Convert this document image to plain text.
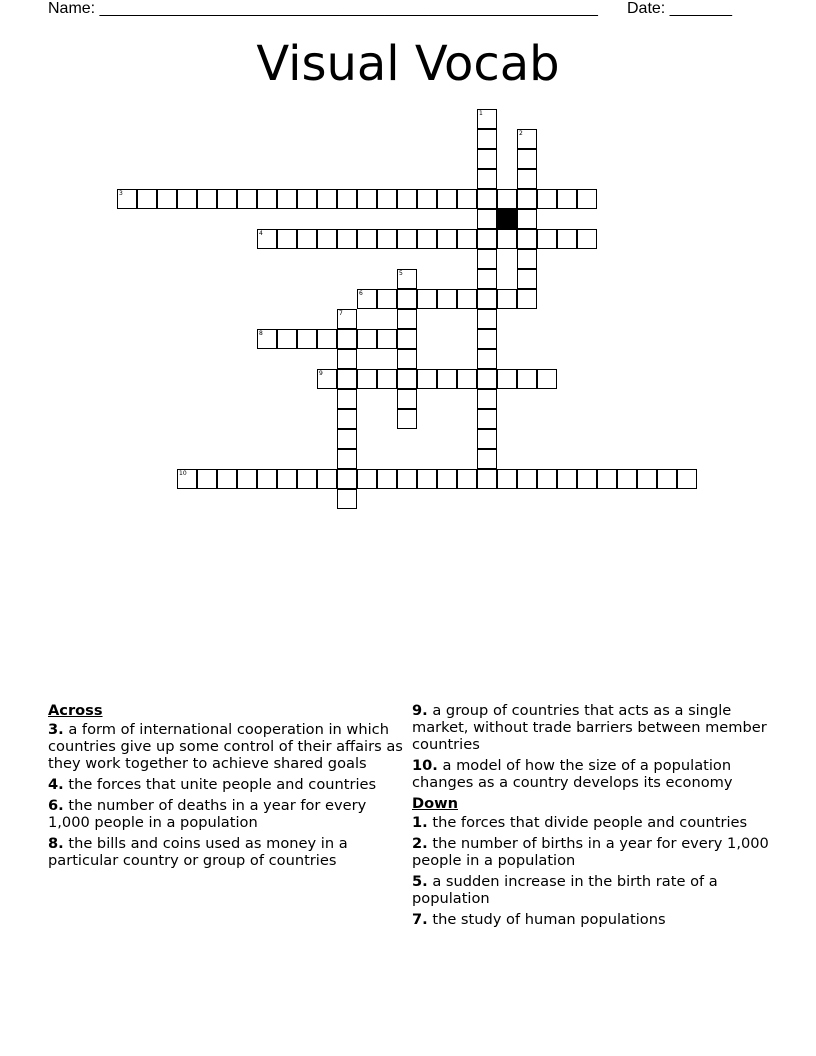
Name: ________________________________________________________ Date: _______
Visual Vocab
1
2
3
4
5
6
7
8
9
10
Across
3. a form of international cooperation in which countries give up some control of their affairs as they work together to achieve shared goals
4. the forces that unite people and countries
6. the number of deaths in a year for every 1,000 people in a population
8. the bills and coins used as money in a particular country or group of countries
9. a group of countries that acts as a single market, without trade barriers between member countries
10. a model of how the size of a population changes as a country develops its economy
Down
1. the forces that divide people and countries
2. the number of births in a year for every 1,000 people in a population
5. a sudden increase in the birth rate of a population
7. the study of human populations
